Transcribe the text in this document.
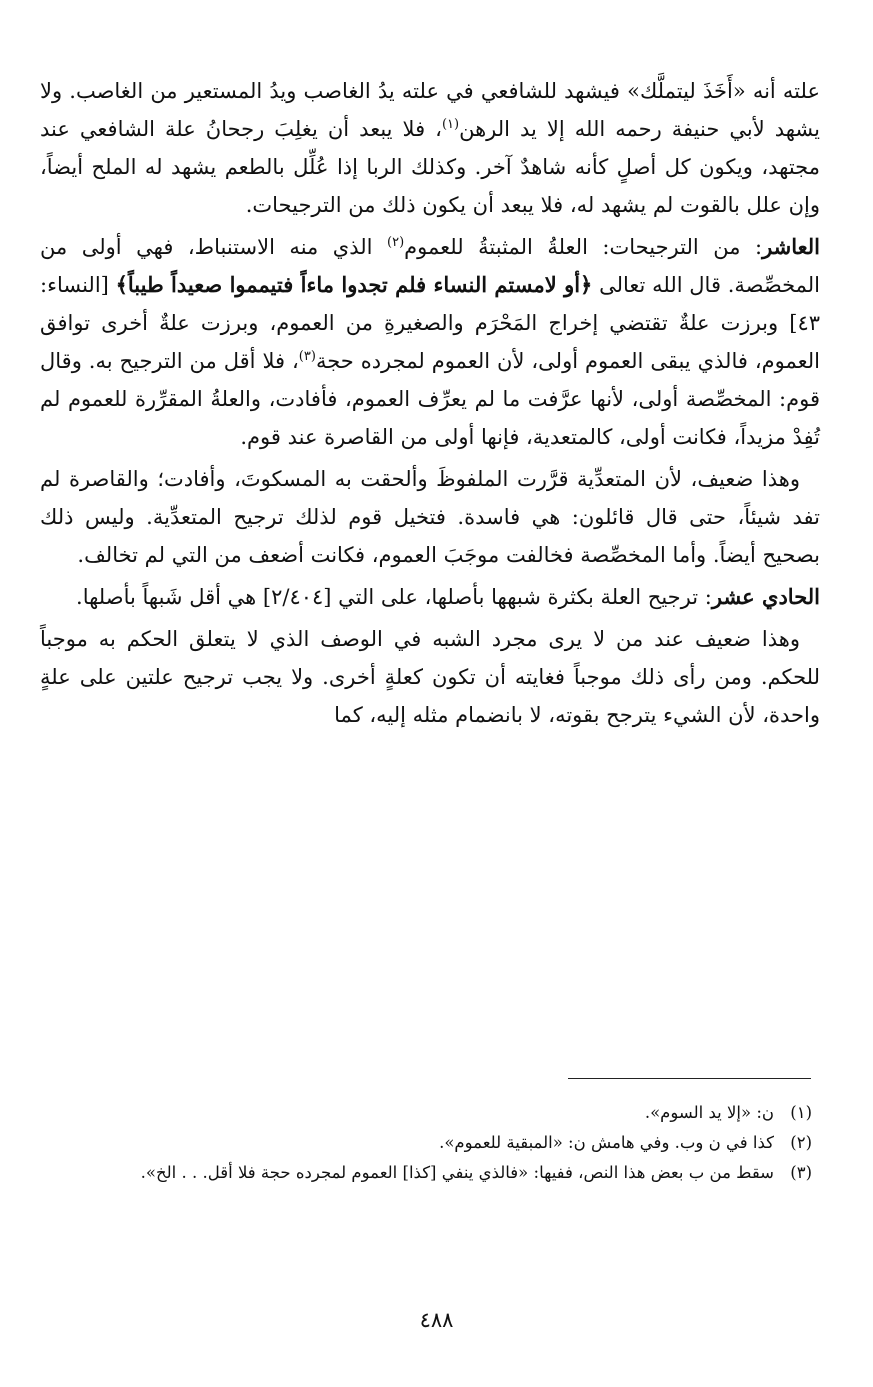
علته أنه «أَخَذَ ليتملَّك» فيشهد للشافعي في علته يدُ الغاصب ويدُ المستعير من الغاصب. ولا يشهد لأبي حنيفة رحمه الله إلا يد الرهن$^{(١)}$، فلا يبعد أن يغلِبَ رجحانُ علة الشافعي عند مجتهد، ويكون كل أصلٍ كأنه شاهدٌ آخر. وكذلك الربا إذا عُلِّل بالطعم يشهد له الملح أيضاً، وإن علل بالقوت لم يشهد له، فلا يبعد أن يكون ذلك من الترجيحات.

العاشر: من الترجيحات: العلةُ المثبتةُ للعموم$^{(٢)}$ الذي منه الاستنباط، فهي أولى من المخصِّصة. قال الله تعالى ﴿أو لامستم النساء فلم تجدوا ماءاً فتيمموا صعيداً طيباً﴾ [النساء: ٤٣] وبرزت علةٌ تقتضي إخراج المَحْرَم والصغيرةِ من العموم، وبرزت علةٌ أخرى توافق العموم، فالذي يبقى العموم أولى، لأن العموم لمجرده حجة$^{(٣)}$، فلا أقل من الترجيح به. وقال قوم: المخصِّصة أولى، لأنها عرَّفت ما لم يعرِّف العموم، فأفادت، والعلةُ المقرِّرة للعموم لم تُفِدْ مزيداً، فكانت أولى، كالمتعدية، فإنها أولى من القاصرة عند قوم.

وهذا ضعيف، لأن المتعدِّية قرَّرت الملفوظَ وألحقت به المسكوتَ، وأفادت؛ والقاصرة لم تفد شيئاً، حتى قال قائلون: هي فاسدة. فتخيل قوم لذلك ترجيح المتعدِّية. وليس ذلك بصحيح أيضاً. وأما المخصِّصة فخالفت موجَبَ العموم، فكانت أضعف من التي لم تخالف.

الحادي عشر: ترجيح العلة بكثرة شبهها بأصلها، على التي [٢/٤٠٤] هي أقل شَبهاً بأصلها.

وهذا ضعيف عند من لا يرى مجرد الشبه في الوصف الذي لا يتعلق الحكم به موجباً للحكم. ومن رأى ذلك موجباً فغايته أن تكون كعلةٍ أخرى. ولا يجب ترجيح علتين على علةٍ واحدة، لأن الشيء يترجح بقوته، لا بانضمام مثله إليه، كما

(١)
ن: «إلا يد السوم».
(٢)
كذا في ن وب. وفي هامش ن: «المبقية للعموم».
(٣)
سقط من ب بعض هذا النص، ففيها: «فالذي ينفي [كذا] العموم لمجرده حجة فلا أقل. . . الخ».
٤٨٨
